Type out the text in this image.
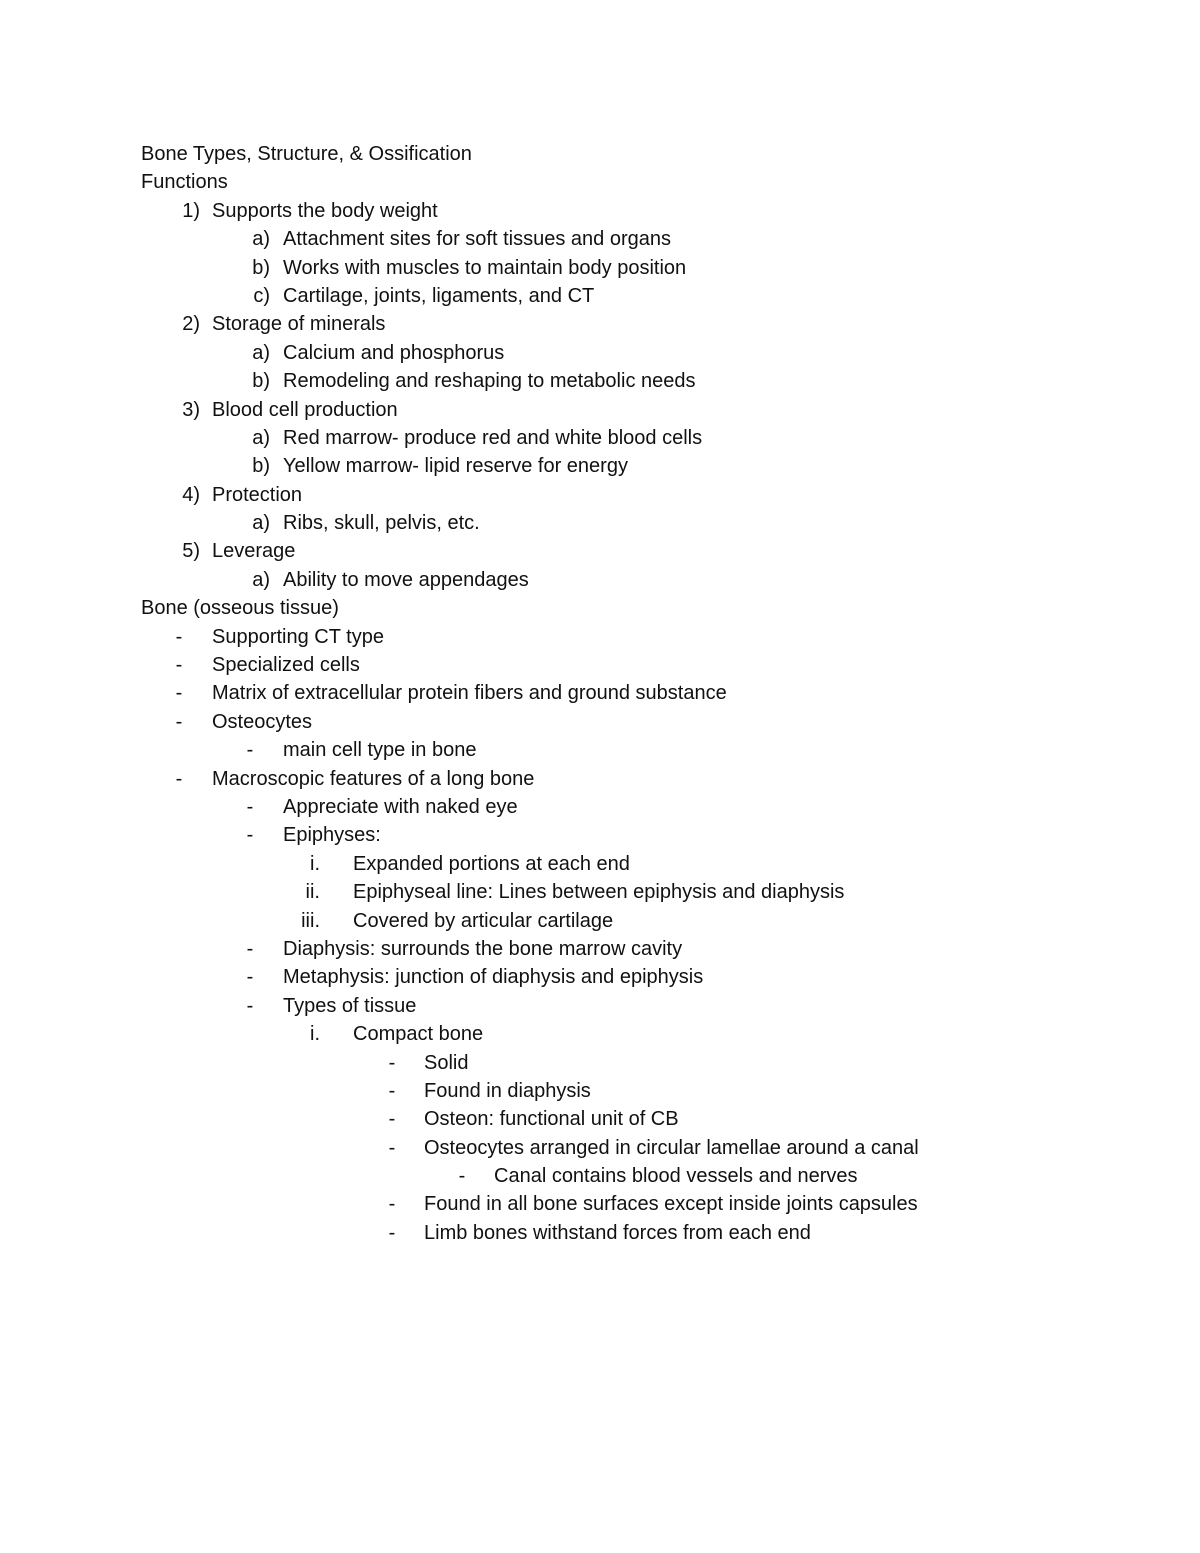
Bone Types, Structure, & Ossification
Functions
1) Supports the body weight
a) Attachment sites for soft tissues and organs
b) Works with muscles to maintain body position
c) Cartilage, joints, ligaments, and CT
2) Storage of minerals
a) Calcium and phosphorus
b) Remodeling and reshaping to metabolic needs
3) Blood cell production
a) Red marrow- produce red and white blood cells
b) Yellow marrow- lipid reserve for energy
4) Protection
a) Ribs, skull, pelvis, etc.
5) Leverage
a) Ability to move appendages
Bone (osseous tissue)
- Supporting CT type
- Specialized cells
- Matrix of extracellular protein fibers and ground substance
- Osteocytes
- main cell type in bone
- Macroscopic features of a long bone
- Appreciate with naked eye
- Epiphyses:
i. Expanded portions at each end
ii. Epiphyseal line: Lines between epiphysis and diaphysis
iii. Covered by articular cartilage
- Diaphysis: surrounds the bone marrow cavity
- Metaphysis: junction of diaphysis and epiphysis
- Types of tissue
i. Compact bone
- Solid
- Found in diaphysis
- Osteon: functional unit of CB
- Osteocytes arranged in circular lamellae around a canal
- Canal contains blood vessels and nerves
- Found in all bone surfaces except inside joints capsules
- Limb bones withstand forces from each end
